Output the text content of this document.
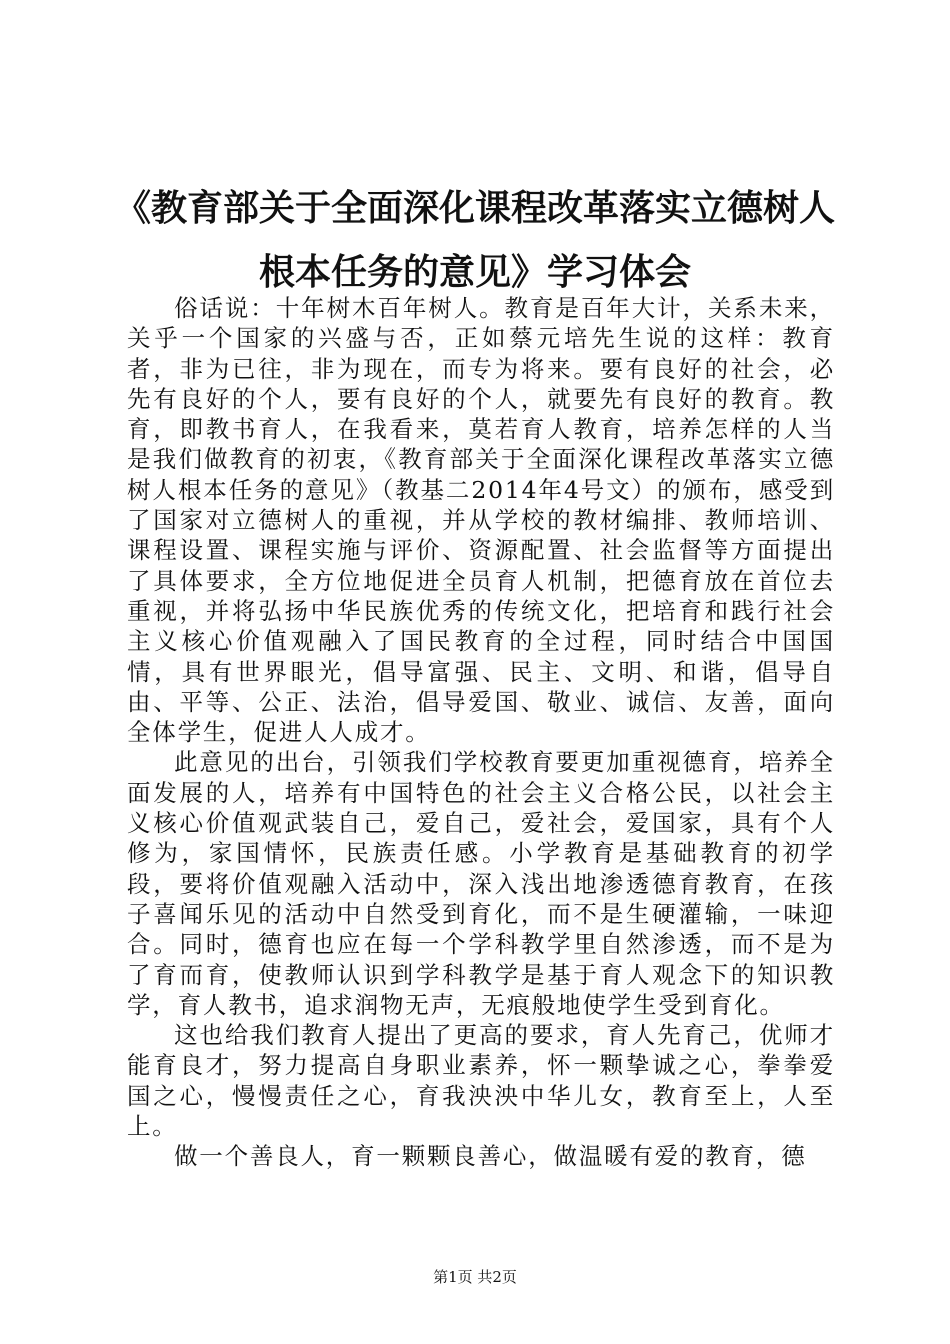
《教育部关于全面深化课程改革落实立德树人
根本任务的意见》学习体会

俗话说：十年树木百年树人。教育是百年大计，关系未来，关乎一个国家的兴盛与否，正如蔡元培先生说的这样：教育者，非为已往，非为现在，而专为将来。要有良好的社会，必先有良好的个人，要有良好的个人，就要先有良好的教育。教育，即教书育人，在我看来，莫若育人教育，培养怎样的人当是我们做教育的初衷，《教育部关于全面深化课程改革落实立德树人根本任务的意见》（教基二2014年4号文）的颁布，感受到了国家对立德树人的重视，并从学校的教材编排、教师培训、课程设置、课程实施与评价、资源配置、社会监督等方面提出了具体要求，全方位地促进全员育人机制，把德育放在首位去重视，并将弘扬中华民族优秀的传统文化，把培育和践行社会主义核心价值观融入了国民教育的全过程，同时结合中国国情，具有世界眼光，倡导富强、民主、文明、和谐，倡导自由、平等、公正、法治，倡导爱国、敬业、诚信、友善，面向全体学生，促进人人成才。

此意见的出台，引领我们学校教育要更加重视德育，培养全面发展的人，培养有中国特色的社会主义合格公民，以社会主义核心价值观武装自己，爱自己，爱社会，爱国家，具有个人修为，家国情怀，民族责任感。小学教育是基础教育的初学段，要将价值观融入活动中，深入浅出地渗透德育教育，在孩子喜闻乐见的活动中自然受到育化，而不是生硬灌输，一味迎合。同时，德育也应在每一个学科教学里自然渗透，而不是为了育而育，使教师认识到学科教学是基于育人观念下的知识教学，育人教书，追求润物无声，无痕般地使学生受到育化。

这也给我们教育人提出了更高的要求，育人先育己，优师才能育良才，努力提高自身职业素养，怀一颗挚诚之心，拳拳爱国之心，慢慢责任之心，育我泱泱中华儿女，教育至上，人至上。

做一个善良人，育一颗颗良善心，做温暖有爱的教育，德

第1页 共2页
